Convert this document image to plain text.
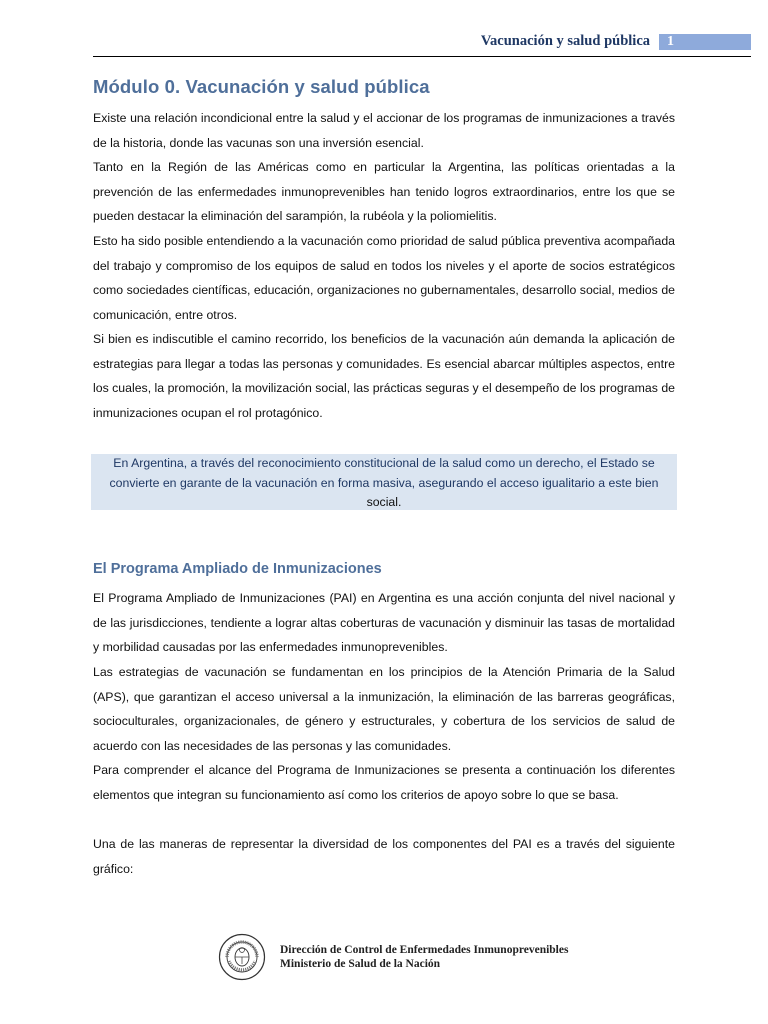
Vacunación y salud pública 1
Módulo 0. Vacunación y salud pública

Existe una relación incondicional entre la salud y el accionar de los programas de inmunizaciones a través de la historia, donde las vacunas son una inversión esencial.

Tanto en la Región de las Américas como en particular la Argentina, las políticas orientadas a la prevención de las enfermedades inmunoprevenibles han tenido logros extraordinarios, entre los que se pueden destacar la eliminación del sarampión, la rubéola y la poliomielitis.

Esto ha sido posible entendiendo a la vacunación como prioridad de salud pública preventiva acompañada del trabajo y compromiso de los equipos de salud en todos los niveles y el aporte de socios estratégicos como sociedades científicas, educación, organizaciones no gubernamentales, desarrollo social, medios de comunicación, entre otros.

Si bien es indiscutible el camino recorrido, los beneficios de la vacunación aún demanda la aplicación de estrategias para llegar a todas las personas y comunidades. Es esencial abarcar múltiples aspectos, entre los cuales, la promoción, la movilización social, las prácticas seguras y el desempeño de los programas de inmunizaciones ocupan el rol protagónico.

En Argentina, a través del reconocimiento constitucional de la salud como un derecho, el Estado se convierte en garante de la vacunación en forma masiva, asegurando el acceso igualitario a este bien social.

El Programa Ampliado de Inmunizaciones

El Programa Ampliado de Inmunizaciones (PAI) en Argentina es una acción conjunta del nivel nacional y de las jurisdicciones, tendiente a lograr altas coberturas de vacunación y disminuir las tasas de mortalidad y morbilidad causadas por las enfermedades inmunoprevenibles.

Las estrategias de vacunación se fundamentan en los principios de la Atención Primaria de la Salud (APS), que garantizan el acceso universal a la inmunización, la eliminación de las barreras geográficas, socioculturales, organizacionales, de género y estructurales, y cobertura de los servicios de salud de acuerdo con las necesidades de las personas y las comunidades.

Para comprender el alcance del Programa de Inmunizaciones se presenta a continuación los diferentes elementos que integran su funcionamiento así como los criterios de apoyo sobre lo que se basa.

Una de las maneras de representar la diversidad de los componentes del PAI es a través del siguiente gráfico:

Dirección de Control de Enfermedades Inmunoprevenibles
Ministerio de Salud de la Nación
